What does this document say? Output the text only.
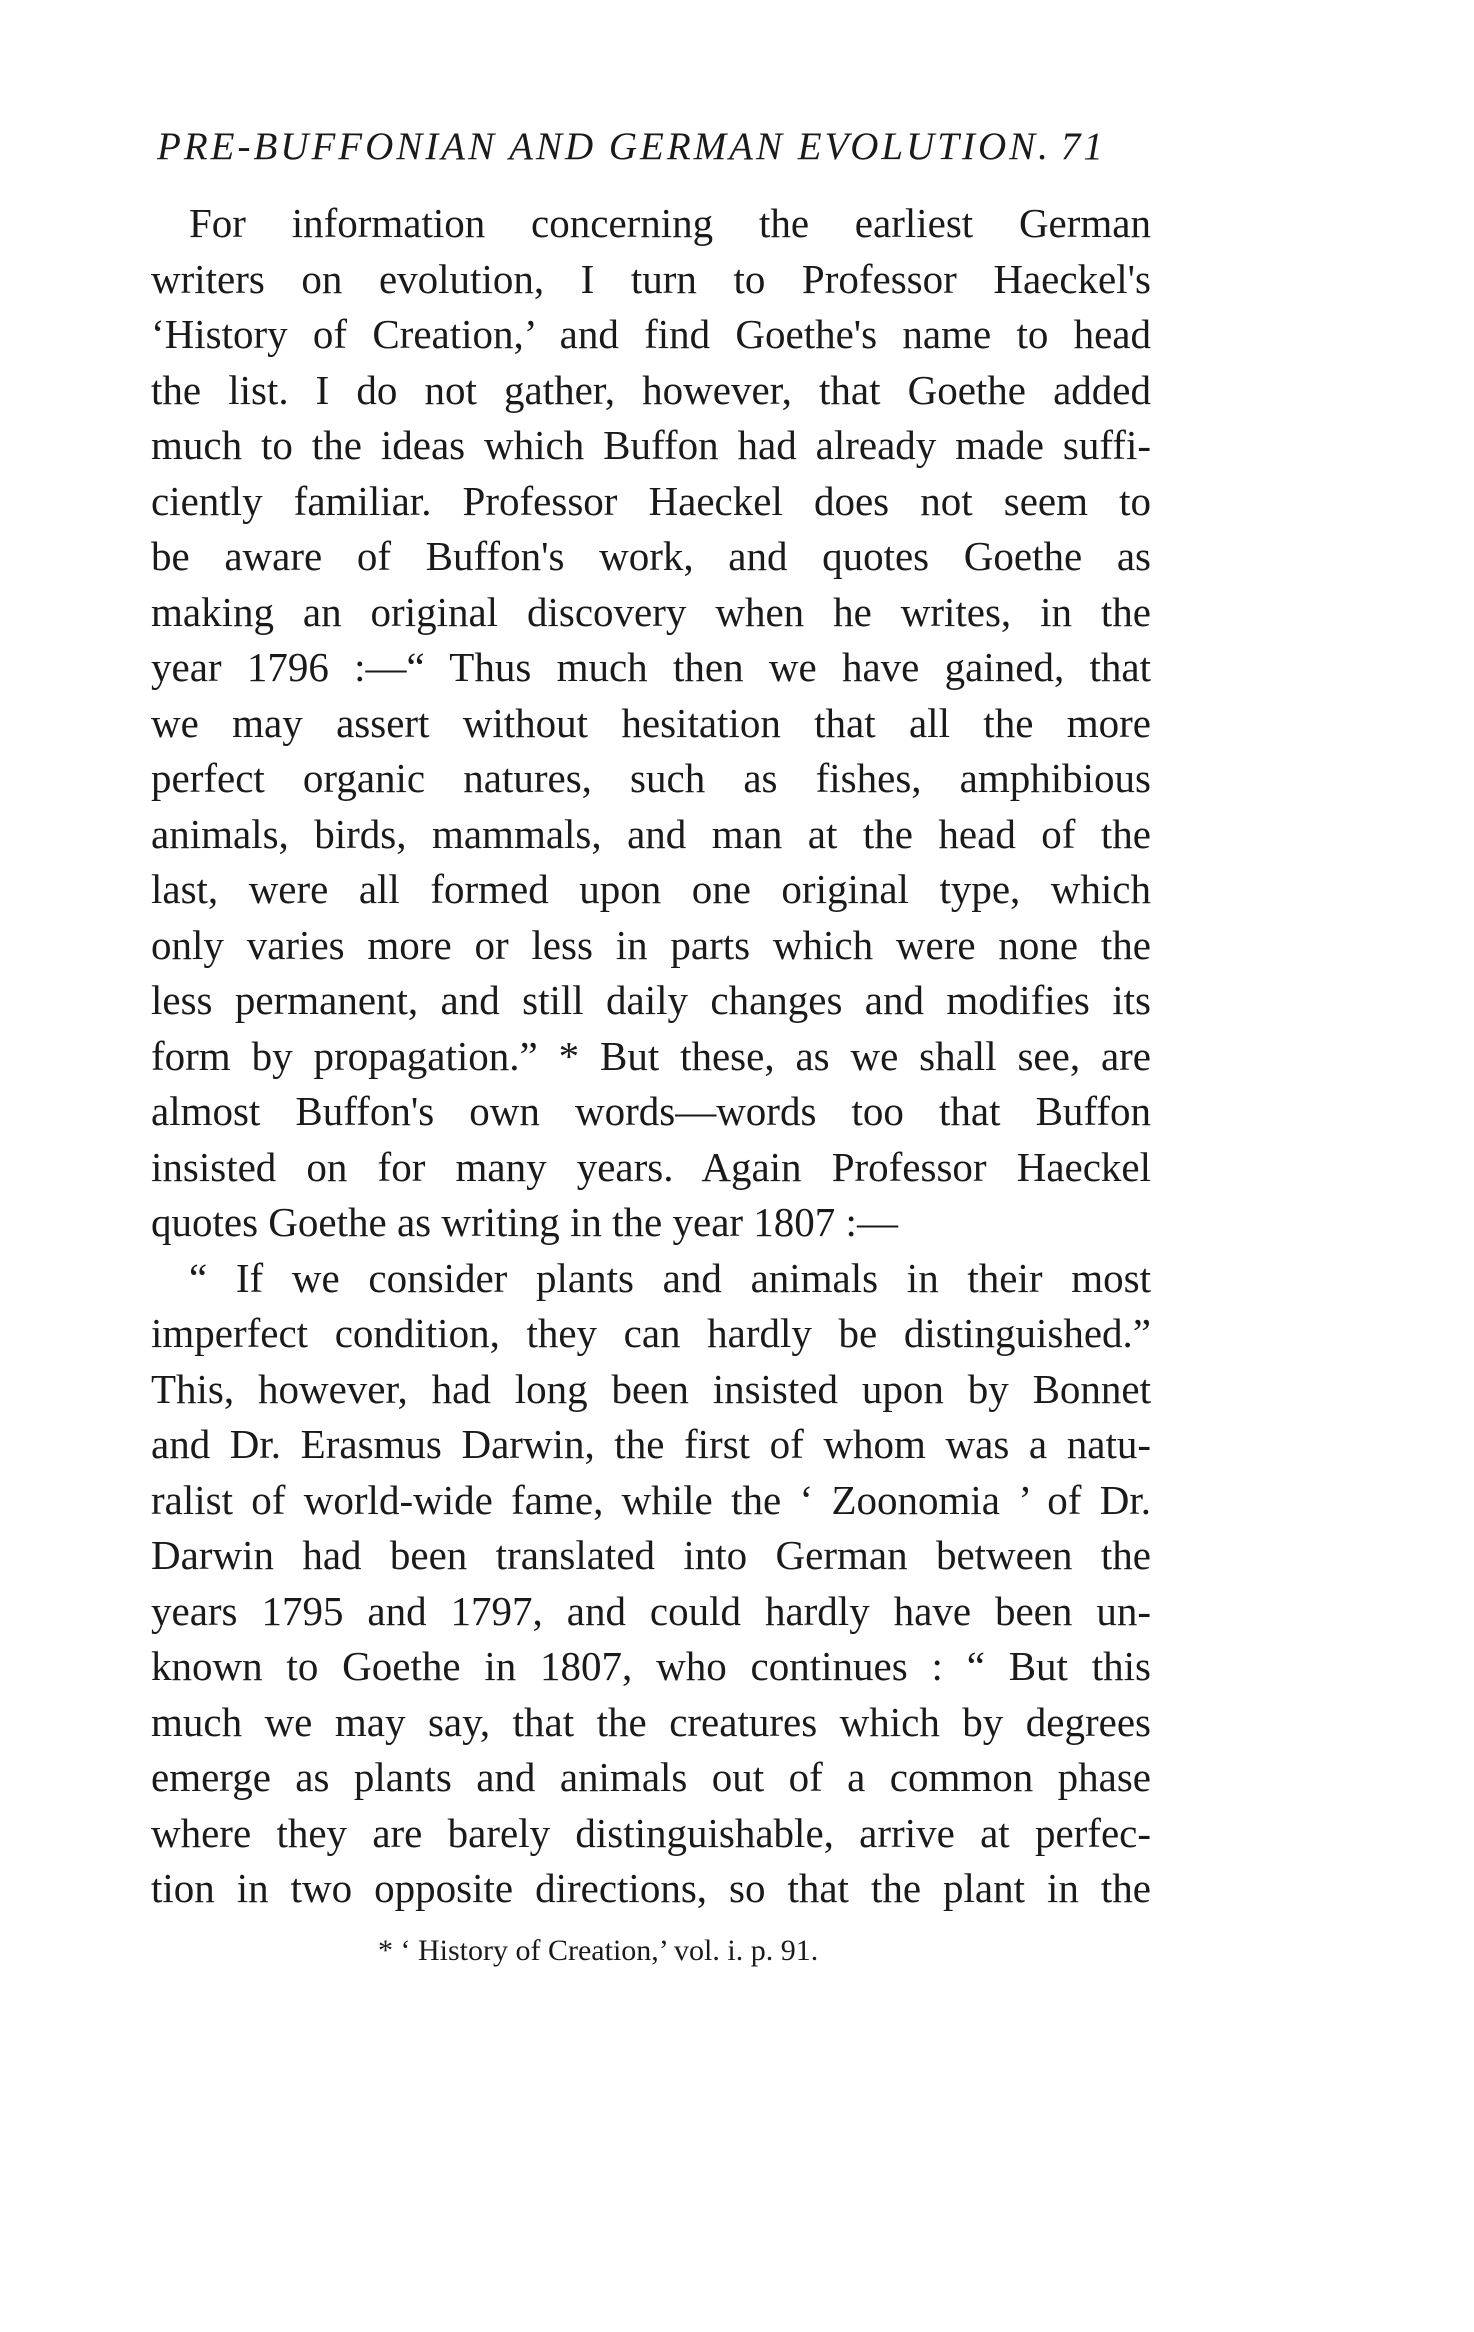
PRE-BUFFONIAN AND GERMAN EVOLUTION. 71
For information concerning the earliest German
writers on evolution, I turn to Professor Haeckel's
‘History of Creation,’ and find Goethe's name to head
the list. I do not gather, however, that Goethe added
much to the ideas which Buffon had already made suffi-
ciently familiar. Professor Haeckel does not seem to
be aware of Buffon's work, and quotes Goethe as
making an original discovery when he writes, in the
year 1796 :—“ Thus much then we have gained, that
we may assert without hesitation that all the more
perfect organic natures, such as fishes, amphibious
animals, birds, mammals, and man at the head of the
last, were all formed upon one original type, which
only varies more or less in parts which were none the
less permanent, and still daily changes and modifies its
form by propagation.” * But these, as we shall see, are
almost Buffon's own words—words too that Buffon
insisted on for many years. Again Professor Haeckel
quotes Goethe as writing in the year 1807 :—
“ If we consider plants and animals in their most
imperfect condition, they can hardly be distinguished.”
This, however, had long been insisted upon by Bonnet
and Dr. Erasmus Darwin, the first of whom was a natu-
ralist of world-wide fame, while the ‘ Zoonomia ’ of Dr.
Darwin had been translated into German between the
years 1795 and 1797, and could hardly have been un-
known to Goethe in 1807, who continues : “ But this
much we may say, that the creatures which by degrees
emerge as plants and animals out of a common phase
where they are barely distinguishable, arrive at perfec-
tion in two opposite directions, so that the plant in the
* ‘ History of Creation,’ vol. i. p. 91.
